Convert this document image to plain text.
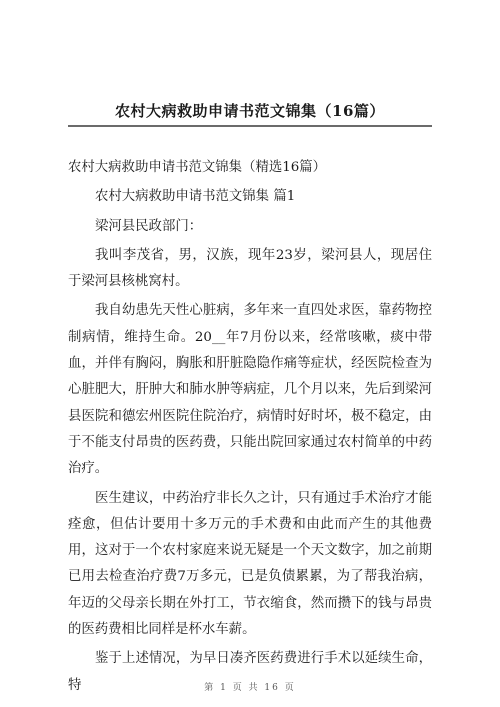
农村大病救助申请书范文锦集（16篇）

农村大病救助申请书范文锦集（精选16篇）

农村大病救助申请书范文锦集 篇1

梁河县民政部门：

我叫李茂省，男，汉族，现年23岁，梁河县人，现居住于梁河县核桃窝村。

我自幼患先天性心脏病，多年来一直四处求医，靠药物控制病情，维持生命。20__年7月份以来，经常咳嗽，痰中带血，并伴有胸闷，胸胀和肝脏隐隐作痛等症状，经医院检查为心脏肥大，肝肿大和肺水肿等病症，几个月以来，先后到梁河县医院和德宏州医院住院治疗，病情时好时坏，极不稳定，由于不能支付昂贵的医药费，只能出院回家通过农村简单的中药治疗。

医生建议，中药治疗非长久之计，只有通过手术治疗才能痊愈，但估计要用十多万元的手术费和由此而产生的其他费用，这对于一个农村家庭来说无疑是一个天文数字，加之前期已用去检查治疗费7万多元，已是负债累累，为了帮我治病，年迈的父母亲长期在外打工，节衣缩食，然而攒下的钱与昂贵的医药费相比同样是杯水车薪。

鉴于上述情况，为早日凑齐医药费进行手术以延续生命，特	第 1 页 共 16 页
